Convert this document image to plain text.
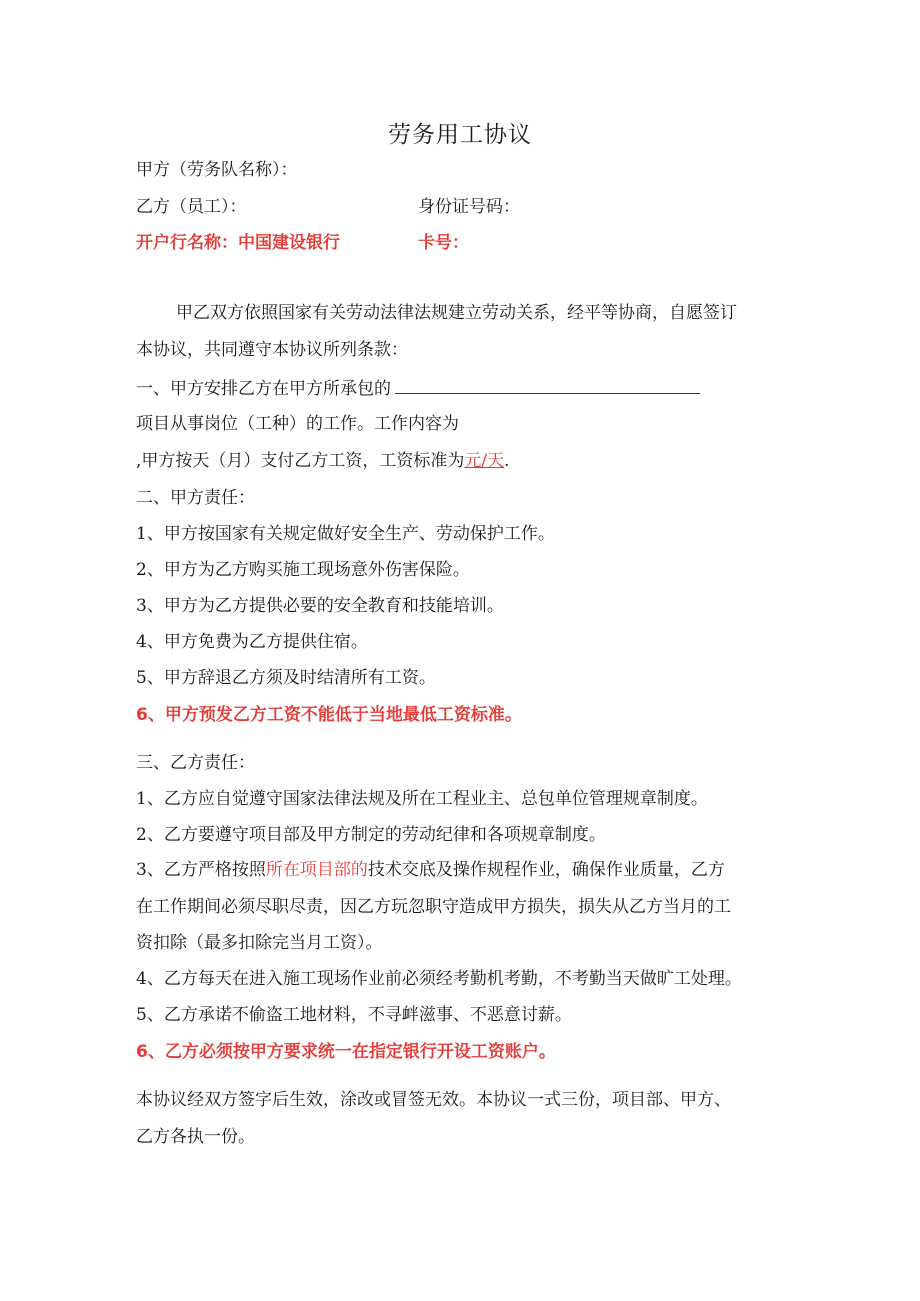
劳务用工协议
甲方（劳务队名称）：
乙方（员工）：	身份证号码：
开户行名称：中国建设银行	卡号：
甲乙双方依照国家有关劳动法律法规建立劳动关系，经平等协商，自愿签订
本协议，共同遵守本协议所列条款：
一、甲方安排乙方在甲方所承包的
项目从事岗位（工种）的工作。工作内容为
,甲方按天（月）支付乙方工资，工资标准为元/天.
二、甲方责任：
1、甲方按国家有关规定做好安全生产、劳动保护工作。
2、甲方为乙方购买施工现场意外伤害保险。
3、甲方为乙方提供必要的安全教育和技能培训。
4、甲方免费为乙方提供住宿。
5、甲方辞退乙方须及时结清所有工资。
6、甲方预发乙方工资不能低于当地最低工资标准。
三、乙方责任：
1、乙方应自觉遵守国家法律法规及所在工程业主、总包单位管理规章制度。
2、乙方要遵守项目部及甲方制定的劳动纪律和各项规章制度。
3、乙方严格按照所在项目部的技术交底及操作规程作业，确保作业质量，乙方
在工作期间必须尽职尽责，因乙方玩忽职守造成甲方损失，损失从乙方当月的工
资扣除（最多扣除完当月工资）。
4、乙方每天在进入施工现场作业前必须经考勤机考勤，不考勤当天做旷工处理。
5、乙方承诺不偷盗工地材料，不寻衅滋事、不恶意讨薪。
6、乙方必须按甲方要求统一在指定银行开设工资账户。
本协议经双方签字后生效，涂改或冒签无效。本协议一式三份，项目部、甲方、
乙方各执一份。
